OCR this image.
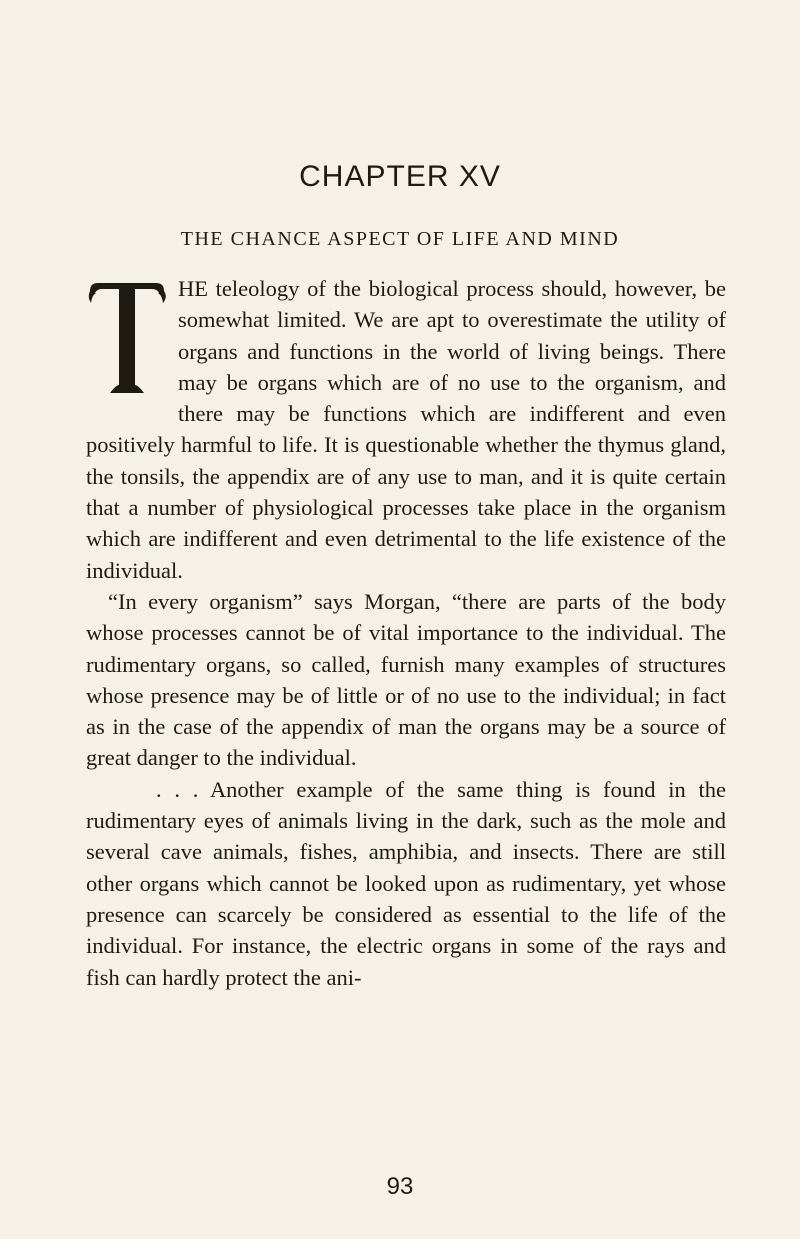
CHAPTER XV
THE CHANCE ASPECT OF LIFE AND MIND

HE teleology of the biological process should, however, be somewhat limited. We are apt to overestimate the utility of organs and functions in the world of living beings. There may be organs which are of no use to the organism, and there may be functions which are indifferent and even positively harmful to life. It is questionable whether the thymus gland, the tonsils, the appendix are of any use to man, and it is quite certain that a number of physiological processes take place in the organism which are indifferent and even detrimental to the life existence of the individual.

“In every organism” says Morgan, “there are parts of the body whose processes cannot be of vital importance to the individual. The rudimentary organs, so called, furnish many examples of structures whose presence may be of little or of no use to the individual; in fact as in the case of the appendix of man the organs may be a source of great danger to the individual.

. . . Another example of the same thing is found in the rudimentary eyes of animals living in the dark, such as the mole and several cave animals, fishes, amphibia, and insects. There are still other organs which cannot be looked upon as rudimentary, yet whose presence can scarcely be considered as essential to the life of the individual. For instance, the electric organs in some of the rays and fish can hardly protect the ani-

93
